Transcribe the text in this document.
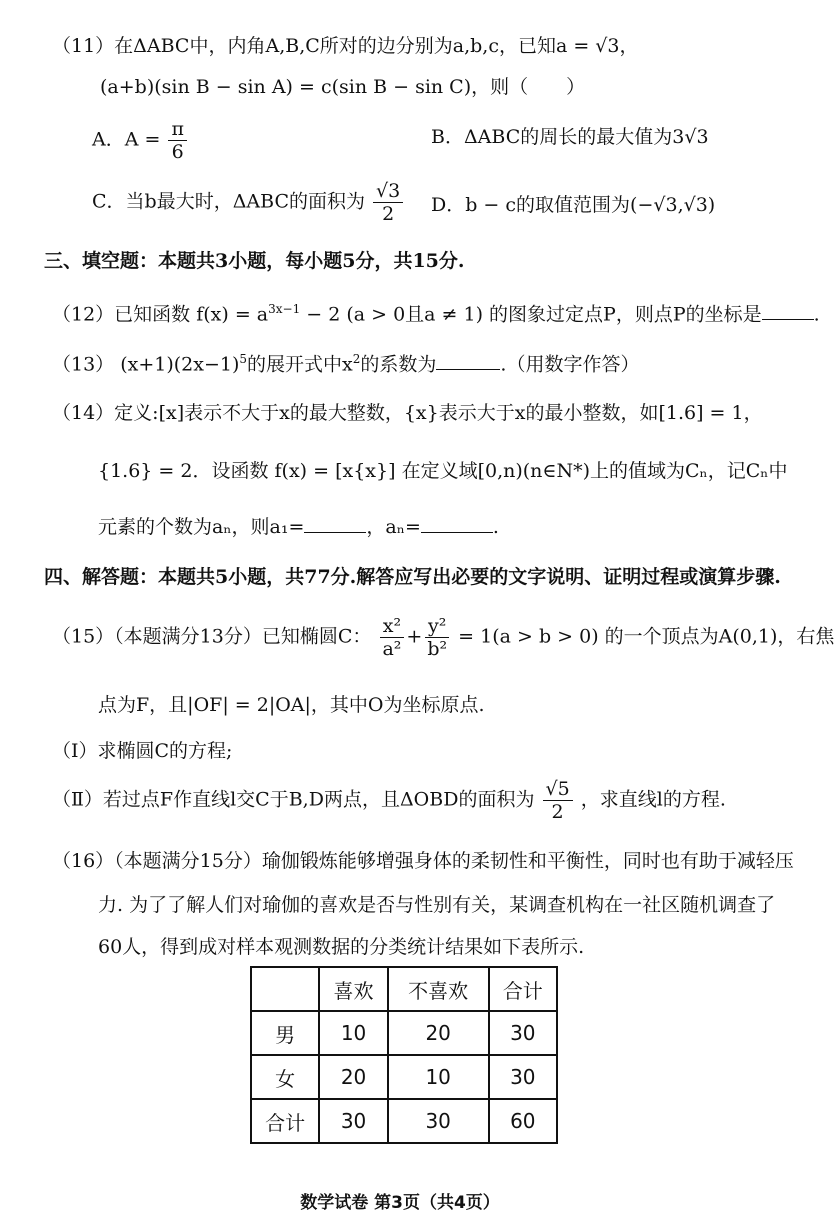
（11）在ΔABC中，内角A,B,C所对的边分别为a,b,c，已知a = √3，
(a+b)(sin B − sin A) = c(sin B − sin C)，则（　　）
A．$A = \frac{\pi}{6}$	B．ΔABC的周长的最大值为3√3
C．当b最大时，ΔABC的面积为 $\frac{√3}{2}$ D．b − c的取值范围为(−√3,√3)
三、填空题：本题共3小题，每小题5分，共15分.
（12）已知函数 $f(x) = a^{3x-1} - 2$ (a > 0且a ≠ 1) 的图象过定点P，则点P的坐标是	.
（13） $(x+1)(2x-1)^5$的展开式中$x^2$的系数为	.（用数字作答）
（14）定义:[x]表示不大于x的最大整数，{x}表示大于x的最小整数，如[1.6] = 1，
{1.6} = 2．设函数 f(x) = [x{x}] 在定义域[0,n)(n∈N*)上的值域为Cₙ，记Cₙ中
元素的个数为aₙ，则a₁=	，aₙ=	.
四、解答题：本题共5小题，共77分.解答应写出必要的文字说明、证明过程或演算步骤.
（15）（本题满分13分）已知椭圆C： $\frac{\text{x²}}{\text{a²}} + \frac{\text{y²}}{\text{b²}} = 1(a > b > 0)$ 的一个顶点为A(0,1)，右焦
点为F，且|OF| = 2|OA|，其中O为坐标原点.
（Ⅰ）求椭圆C的方程;
（Ⅱ）若过点F作直线l交C于B,D两点，且ΔOBD的面积为 $\frac{√5}{2}$ ，求直线l的方程.
（16）（本题满分15分）瑜伽锻炼能够增强身体的柔韧性和平衡性，同时也有助于减轻压
力. 为了了解人们对瑜伽的喜欢是否与性别有关，某调查机构在一社区随机调查了
60人，得到成对样本观测数据的分类统计结果如下表所示.
	喜欢	不喜欢	合计
男	10	20	30
女	20	10	30
合计	30	30	60
数学试卷 第3页（共4页）
